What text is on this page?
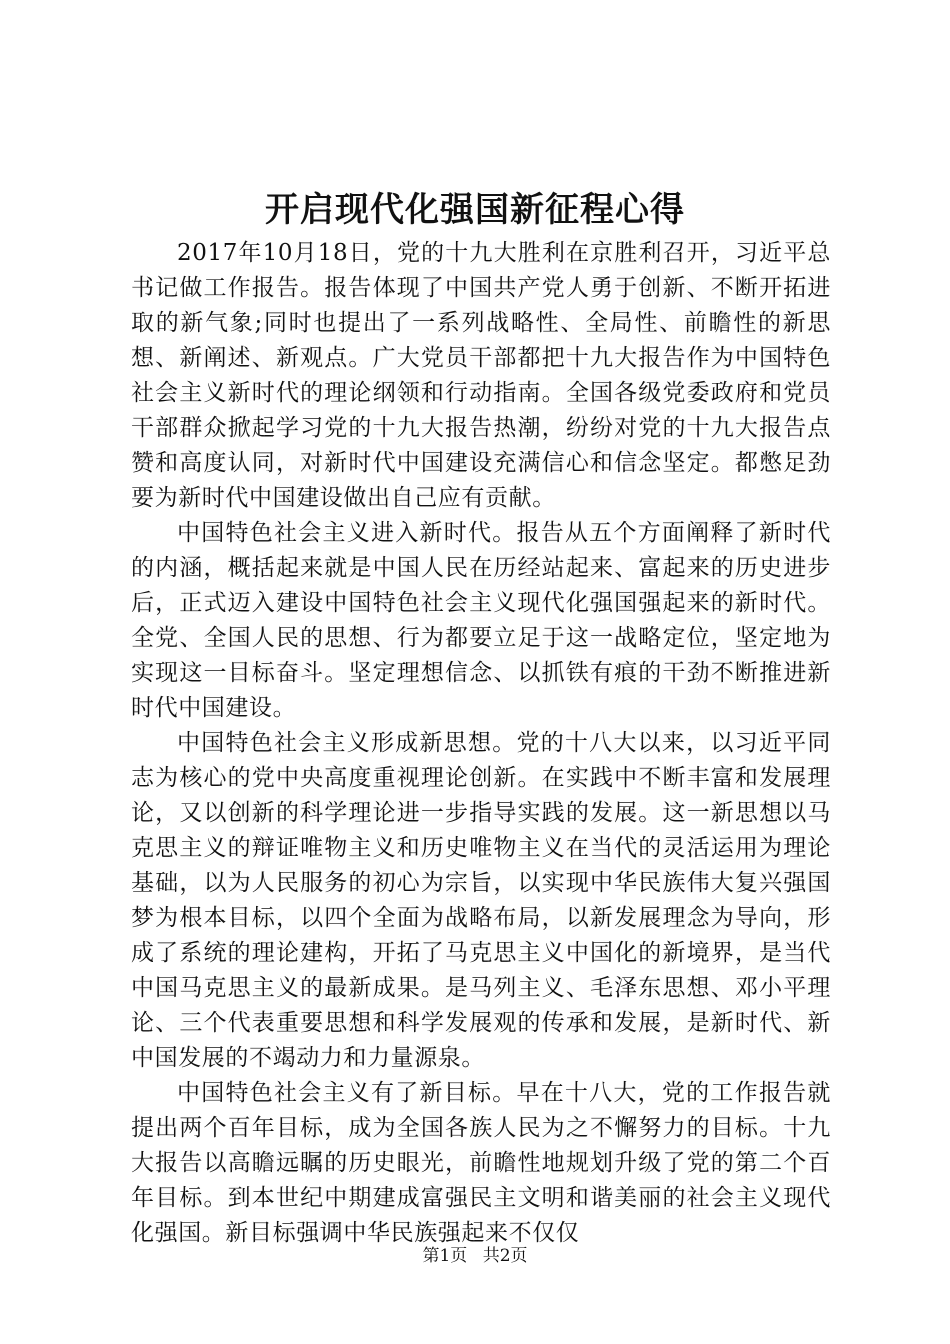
开启现代化强国新征程心得

2017年10月18日，党的十九大胜利在京胜利召开，习近平总书记做工作报告。报告体现了中国共产党人勇于创新、不断开拓进取的新气象;同时也提出了一系列战略性、全局性、前瞻性的新思想、新阐述、新观点。广大党员干部都把十九大报告作为中国特色社会主义新时代的理论纲领和行动指南。全国各级党委政府和党员干部群众掀起学习党的十九大报告热潮，纷纷对党的十九大报告点赞和高度认同，对新时代中国建设充满信心和信念坚定。都憋足劲要为新时代中国建设做出自己应有贡献。

中国特色社会主义进入新时代。报告从五个方面阐释了新时代的内涵，概括起来就是中国人民在历经站起来、富起来的历史进步后，正式迈入建设中国特色社会主义现代化强国强起来的新时代。全党、全国人民的思想、行为都要立足于这一战略定位，坚定地为实现这一目标奋斗。坚定理想信念、以抓铁有痕的干劲不断推进新时代中国建设。

中国特色社会主义形成新思想。党的十八大以来，以习近平同志为核心的党中央高度重视理论创新。在实践中不断丰富和发展理论，又以创新的科学理论进一步指导实践的发展。这一新思想以马克思主义的辩证唯物主义和历史唯物主义在当代的灵活运用为理论基础，以为人民服务的初心为宗旨，以实现中华民族伟大复兴强国梦为根本目标，以四个全面为战略布局，以新发展理念为导向，形成了系统的理论建构，开拓了马克思主义中国化的新境界，是当代中国马克思主义的最新成果。是马列主义、毛泽东思想、邓小平理论、三个代表重要思想和科学发展观的传承和发展，是新时代、新中国发展的不竭动力和力量源泉。

中国特色社会主义有了新目标。早在十八大，党的工作报告就提出两个百年目标，成为全国各族人民为之不懈努力的目标。十九大报告以高瞻远瞩的历史眼光，前瞻性地规划升级了党的第二个百年目标。到本世纪中期建成富强民主文明和谐美丽的社会主义现代化强国。新目标强调中华民族强起来不仅仅

第1页 共2页
